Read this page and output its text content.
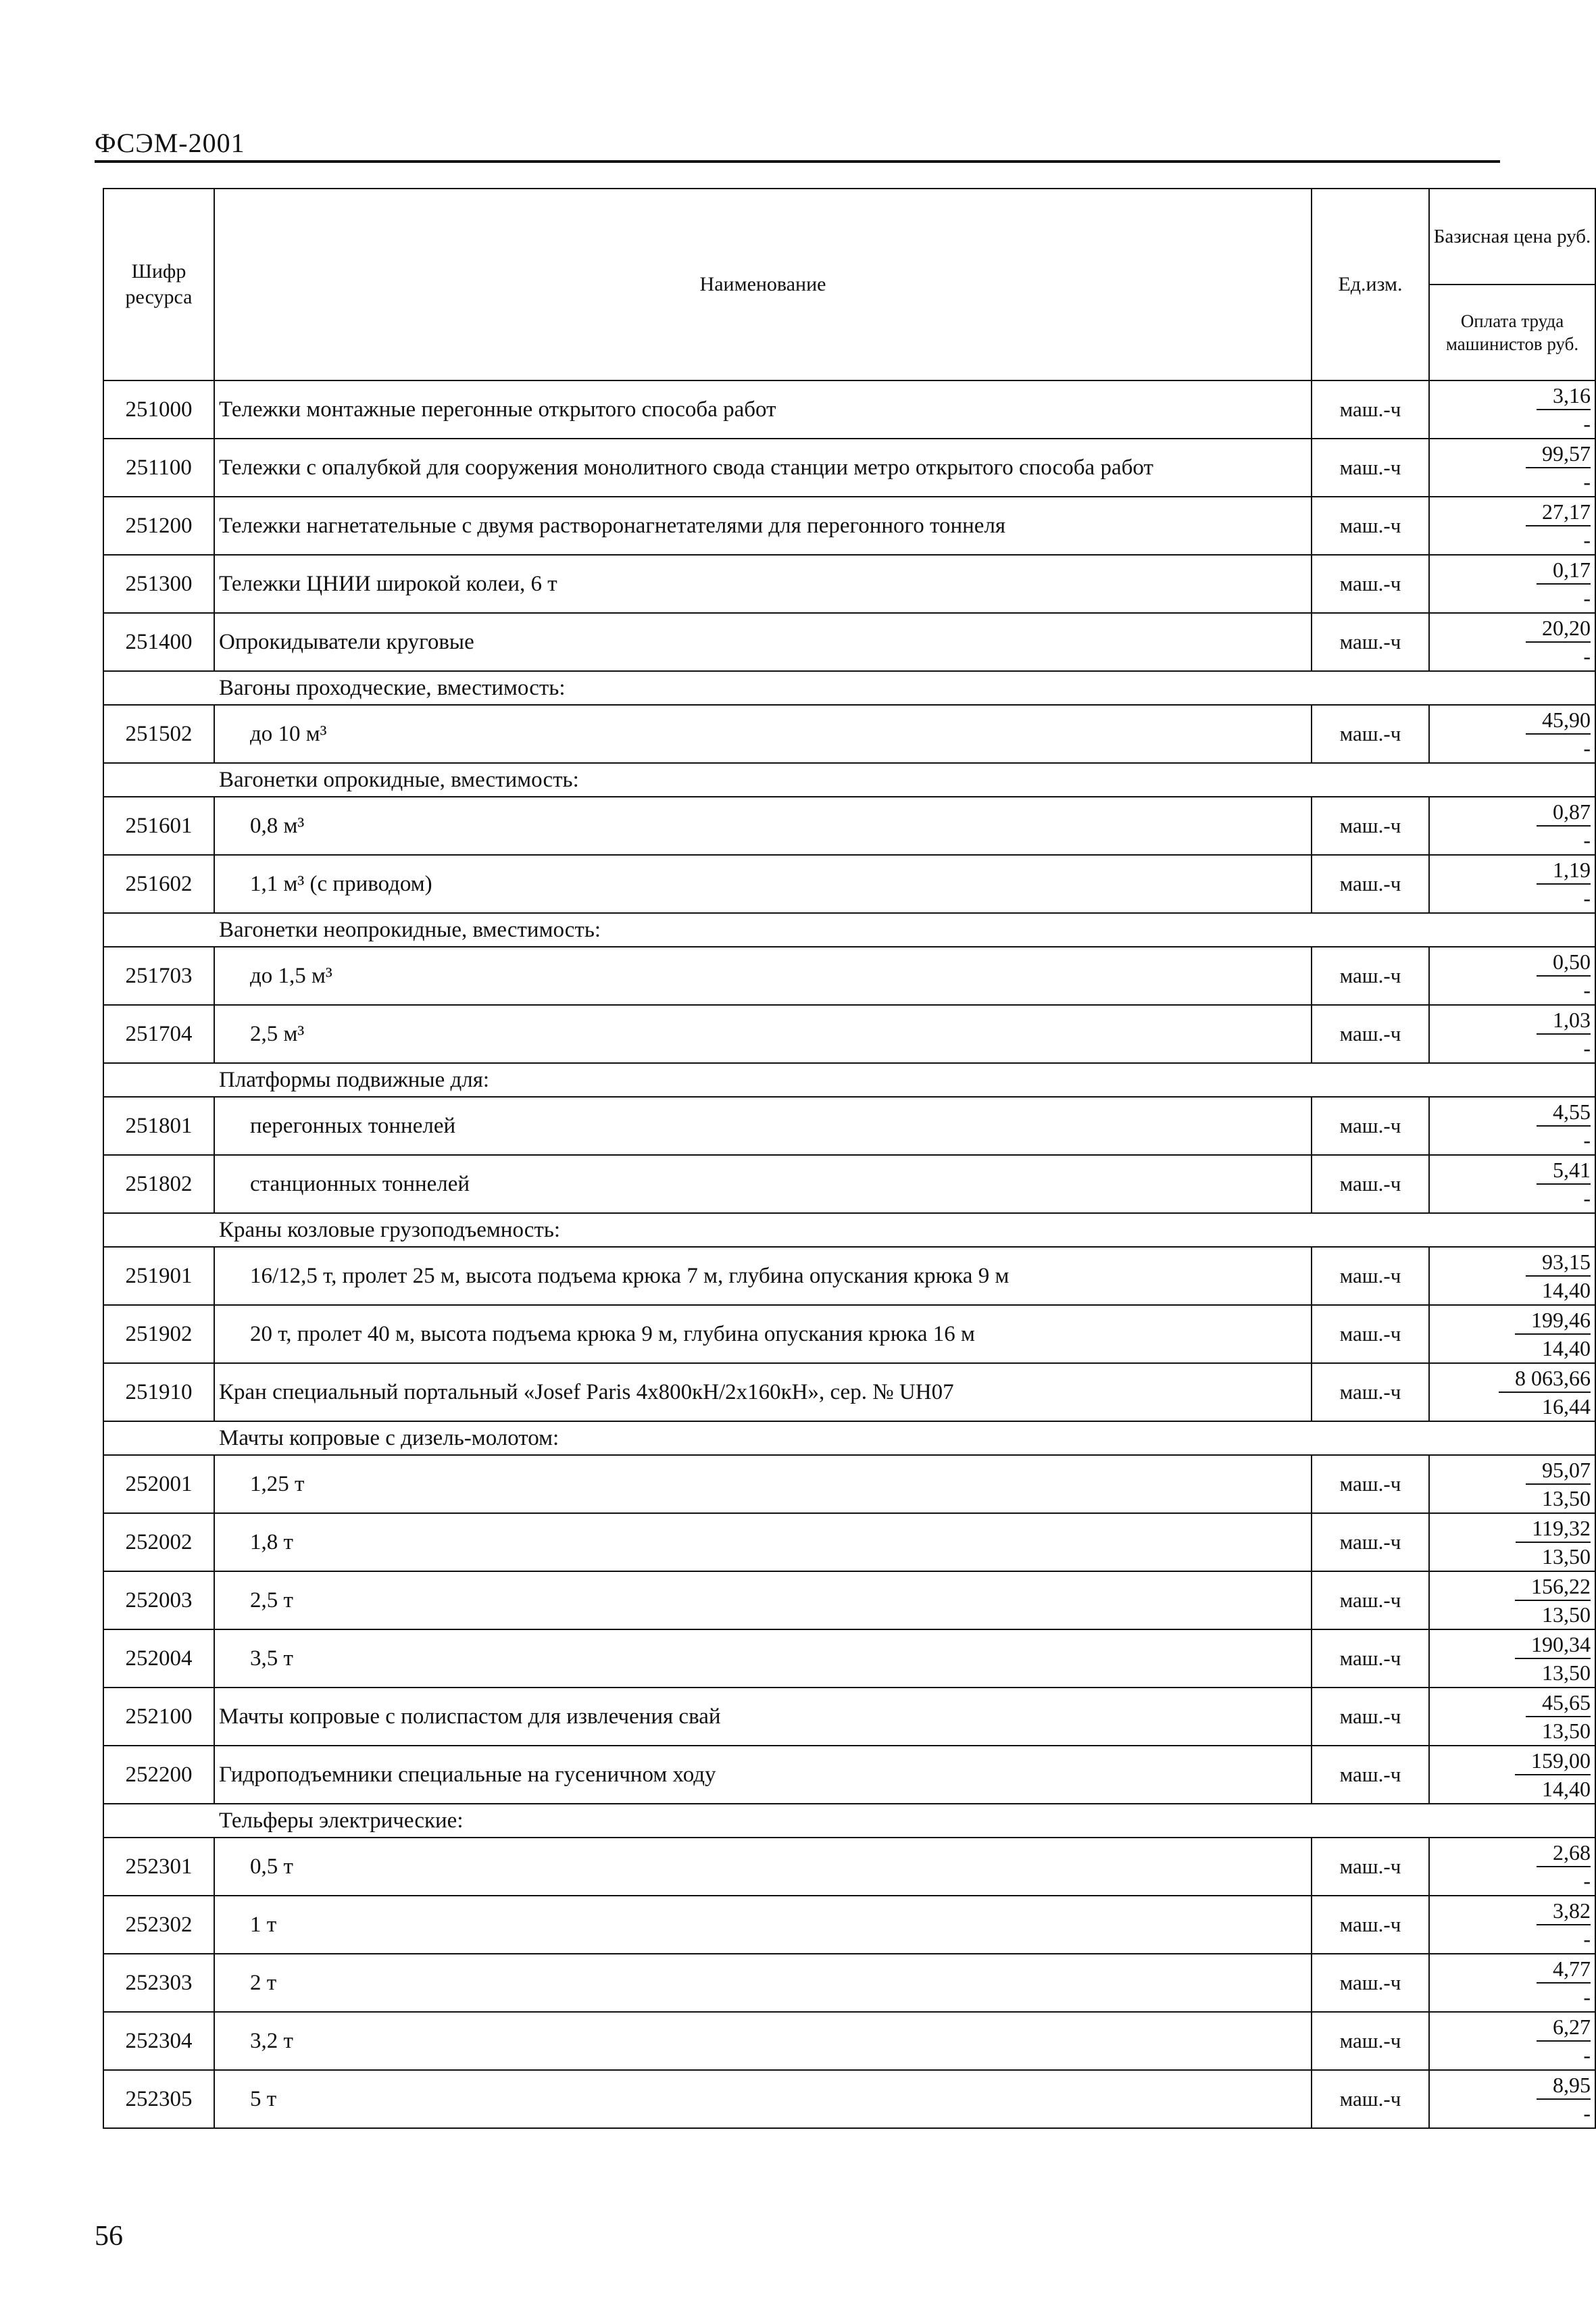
ФСЭМ-2001
Шифр ресурса	Наименование	Ед.изм.	Базисная цена руб.
			Оплата труда машинистов руб.
251000	Тележки монтажные перегонные открытого способа работ	маш.-ч	3,16
-

251100	Тележки с опалубкой для сооружения монолитного свода станции метро открытого способа работ	маш.-ч	99,57
-

251200	Тележки нагнетательные с двумя растворонагнетателями для перегонного тоннеля	маш.-ч	27,17
-

251300	Тележки ЦНИИ широкой колеи, 6 т	маш.-ч	0,17
-

251400	Опрокидыватели круговые	маш.-ч	20,20
-

Вагоны проходческие, вместимость:			
251502	до 10 м³	маш.-ч	45,90
-

Вагонетки опрокидные, вместимость:			
251601	0,8 м³	маш.-ч	0,87
-

251602	1,1 м³ (с приводом)	маш.-ч	1,19
-

Вагонетки неопрокидные, вместимость:			
251703	до 1,5 м³	маш.-ч	0,50
-

251704	2,5 м³	маш.-ч	1,03
-

Платформы подвижные для:			
251801	перегонных тоннелей	маш.-ч	4,55
-

251802	станционных тоннелей	маш.-ч	5,41
-

Краны козловые грузоподъемность:			
251901	16/12,5 т, пролет 25 м, высота подъема крюка 7 м, глубина опускания крюка 9 м	маш.-ч	93,15
14,40

251902	20 т, пролет 40 м, высота подъема крюка 9 м, глубина опускания крюка 16 м	маш.-ч	199,46
14,40

251910	Кран специальный портальный «Josef Paris 4x800кН/2x160кН», сер. № UH07	маш.-ч	8 063,66
16,44

Мачты копровые с дизель-молотом:			
252001	1,25 т	маш.-ч	95,07
13,50

252002	1,8 т	маш.-ч	119,32
13,50

252003	2,5 т	маш.-ч	156,22
13,50

252004	3,5 т	маш.-ч	190,34
13,50

252100	Мачты копровые с полиспастом для извлечения свай	маш.-ч	45,65
13,50

252200	Гидроподъемники специальные на гусеничном ходу	маш.-ч	159,00
14,40

Тельферы электрические:			
252301	0,5 т	маш.-ч	2,68
-

252302	1 т	маш.-ч	3,82
-

252303	2 т	маш.-ч	4,77
-

252304	3,2 т	маш.-ч	6,27
-

252305	5 т	маш.-ч	8,95
-
56
